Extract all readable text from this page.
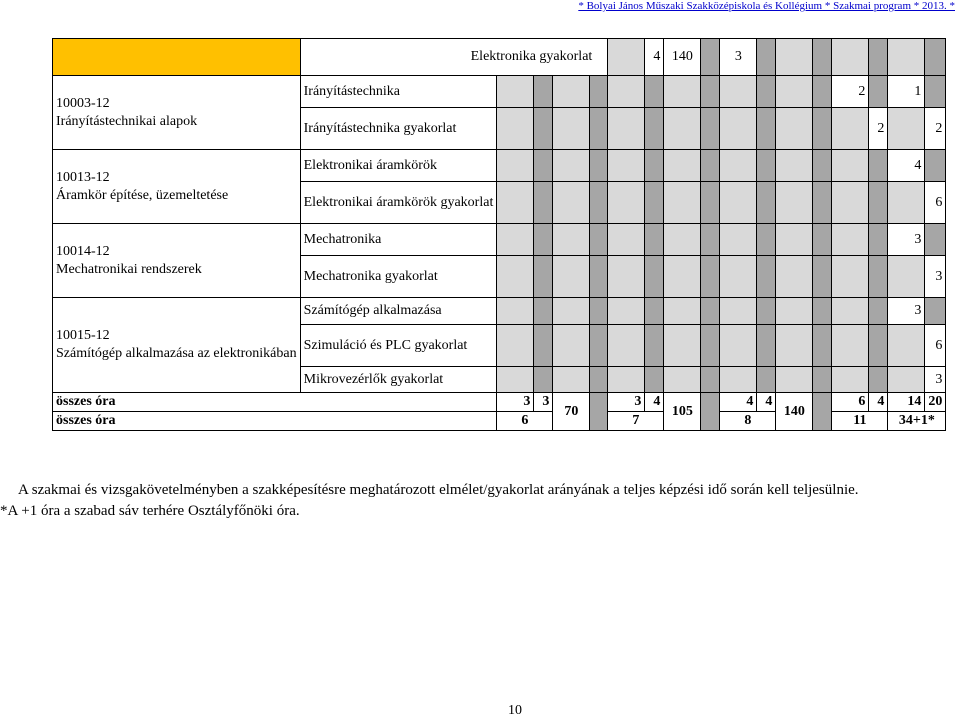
* Bolyai János Műszaki Szakközépiskola és Kollégium * Szakmai program * 2013. *
	Elektronika gyakorlat						4	140		3							

10003-12
Irányítástechnikai alapok	Irányítástechnika													2		1	
	Irányítástechnika gyakorlat														2		2

10013-12
Áramkör építése, üzemeltetése	Elektronikai áramkörök															4	
	Elektronikai áramkörök gyakorlat																6

10014-12
Mechatronikai rendszerek	Mechatronika															3	
	Mechatronika gyakorlat																3

10015-12
Számítógép alkalmazása az elektronikában	Számítógép alkalmazása															3	
	Szimuláció és PLC gyakorlat																6
	Mikrovezérlők gyakorlat																3
összes óra		3	3	70		3	4	105		4	4	140		6	4	14	20
összes óra		6				7				8				11		34+1*	
A szakmai és vizsgakövetelményben a szakképesítésre meghatározott elmélet/gyakorlat arányának a teljes képzési idő során kell teljesülnie.
*A +1 óra a szabad sáv terhére Osztályfőnöki óra.
10
